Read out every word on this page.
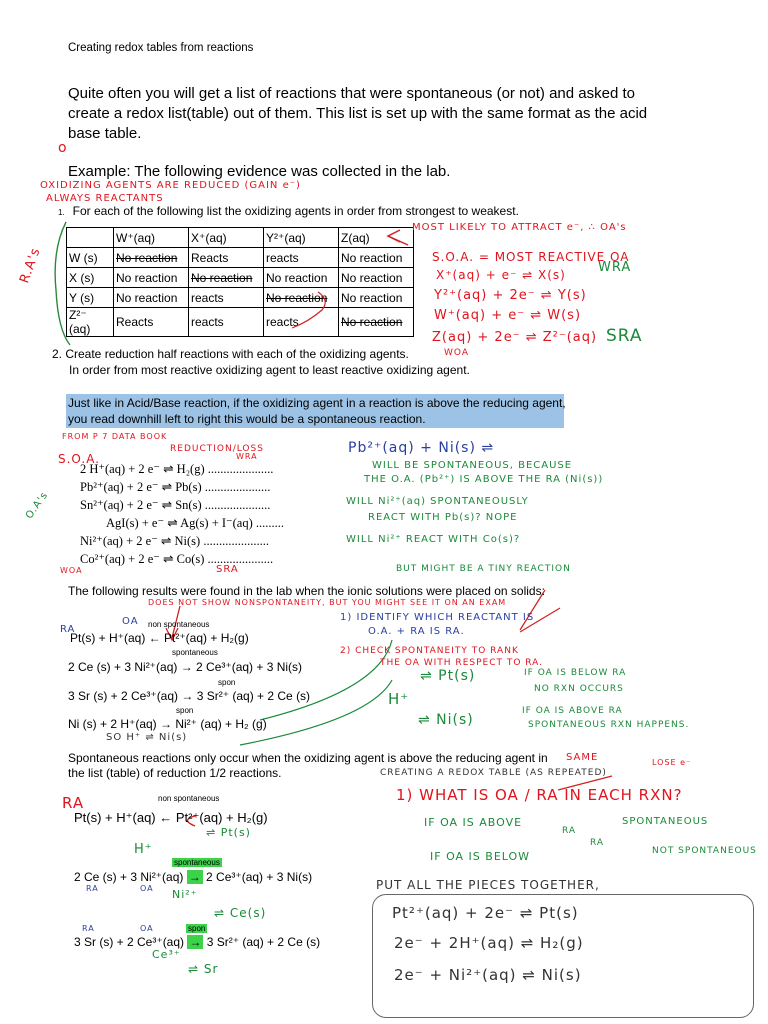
Creating redox tables from reactions
Quite often you will get a list of reactions that were spontaneous (or not) and asked to create a redox list(table) out of them. This list is set up with the same format as the acid base table.
o
Example: The following evidence was collected in the lab.
OXIDIZING AGENTS ARE REDUCED (GAIN e⁻)
ALWAYS REACTANTS
1. For each of the following list the oxidizing agents in order from strongest to weakest.
	W⁺(aq)	X⁺(aq)	Y²⁺(aq)	Z(aq)
W (s)	No reaction	Reacts	reacts	No reaction
X (s)	No reaction	No reaction	No reaction	No reaction
Y (s)	No reaction	reacts	No reaction	No reaction
Z²⁻ (aq)	Reacts	reacts	reacts	No reaction
R.A's
MOST LIKELY TO ATTRACT e⁻, ∴ OA's
S.O.A. = MOST REACTIVE OA
X⁺(aq) + e⁻ ⇌ X(s) WRA
Y²⁺(aq) + 2e⁻ ⇌ Y(s)
W⁺(aq) + e⁻ ⇌ W(s)
Z(aq) + 2e⁻ ⇌ Z²⁻(aq) SRA
WOA
2. Create reduction half reactions with each of the oxidizing agents.
In order from most reactive oxidizing agent to least reactive oxidizing agent.
Just like in Acid/Base reaction, if the oxidizing agent in a reaction is above the reducing agent, you read downhill left to right this would be a spontaneous reaction.
FROM P 7 DATA BOOK
S.O.A.
REDUCTION/LOSS
WRA
O.A's
2 H⁺(aq) + 2 e⁻ ⇌ H₂(g) .....................
Pb²⁺(aq) + 2 e⁻ ⇌ Pb(s) .....................
Sn²⁺(aq) + 2 e⁻ ⇌ Sn(s) .....................
AgI(s) + e⁻ ⇌ Ag(s) + I⁻(aq) .........
Ni²⁺(aq) + 2 e⁻ ⇌ Ni(s) .....................
Co²⁺(aq) + 2 e⁻ ⇌ Co(s) .....................
WOA	SRA
Pb²⁺(aq) + Ni(s) ⇌
WILL BE SPONTANEOUS, BECAUSE
THE O.A. (Pb²⁺) IS ABOVE THE RA (Ni(s))
WILL Ni²⁺(aq) SPONTANEOUSLY
REACT WITH Pb(s)? NOPE
WILL Ni²⁺ REACT WITH Co(s)?
BUT MIGHT BE A TINY REACTION
The following results were found in the lab when the ionic solutions were placed on solids:
DOES NOT SHOW NONSPONTANEITY, BUT YOU MIGHT SEE IT ON AN EXAM
RA
OA non spontaneous
Pt(s) + H⁺(aq) ← Pt²⁺(aq) + H₂(g)
spontaneous
2 Ce (s) + 3 Ni²⁺(aq) → 2 Ce³⁺(aq) + 3 Ni(s)
spon
3 Sr (s) + 2 Ce³⁺(aq) → 3 Sr²⁺ (aq) + 2 Ce (s)
spon
Ni (s) + 2 H⁺(aq) → Ni²⁺ (aq) + H₂ (g)
SO H⁺ ⇌ Ni(s)
1) IDENTIFY WHICH REACTANT IS
O.A. + RA IS RA.
2) CHECK SPONTANEITY TO RANK
THE OA WITH RESPECT TO RA.
⇌ Pt(s)
H⁺
⇌ Ni(s)
IF OA IS BELOW RA
NO RXN OCCURS
IF OA IS ABOVE RA
SPONTANEOUS RXN HAPPENS.
Spontaneous reactions only occur when the oxidizing agent is above the reducing agent in the list (table) of reduction 1/2 reactions.
SAME	LOSE e⁻
CREATING A REDOX TABLE (AS REPEATED)
RA	non spontaneous
Pt(s) + H⁺(aq) ← Pt²⁺(aq) + H₂(g)
⇌ Pt(s)
H⁺
spontaneous
2 Ce (s) + 3 Ni²⁺(aq) → 2 Ce³⁺(aq) + 3 Ni(s)
RA	OA Ni²⁺
⇌ Ce(s)
RA	OA	spon
3 Sr (s) + 2 Ce³⁺(aq) → 3 Sr²⁺ (aq) + 2 Ce (s)
Ce³⁺
⇌ Sr
1) WHAT IS OA / RA IN EACH RXN?
IF OA IS ABOVE
RA
SPONTANEOUS
IF OA IS BELOW
RA
NOT SPONTANEOUS
PUT ALL THE PIECES TOGETHER,
Pt²⁺(aq) + 2e⁻ ⇌ Pt(s)
2e⁻ + 2H⁺(aq) ⇌ H₂(g)
2e⁻ + Ni²⁺(aq) ⇌ Ni(s)
